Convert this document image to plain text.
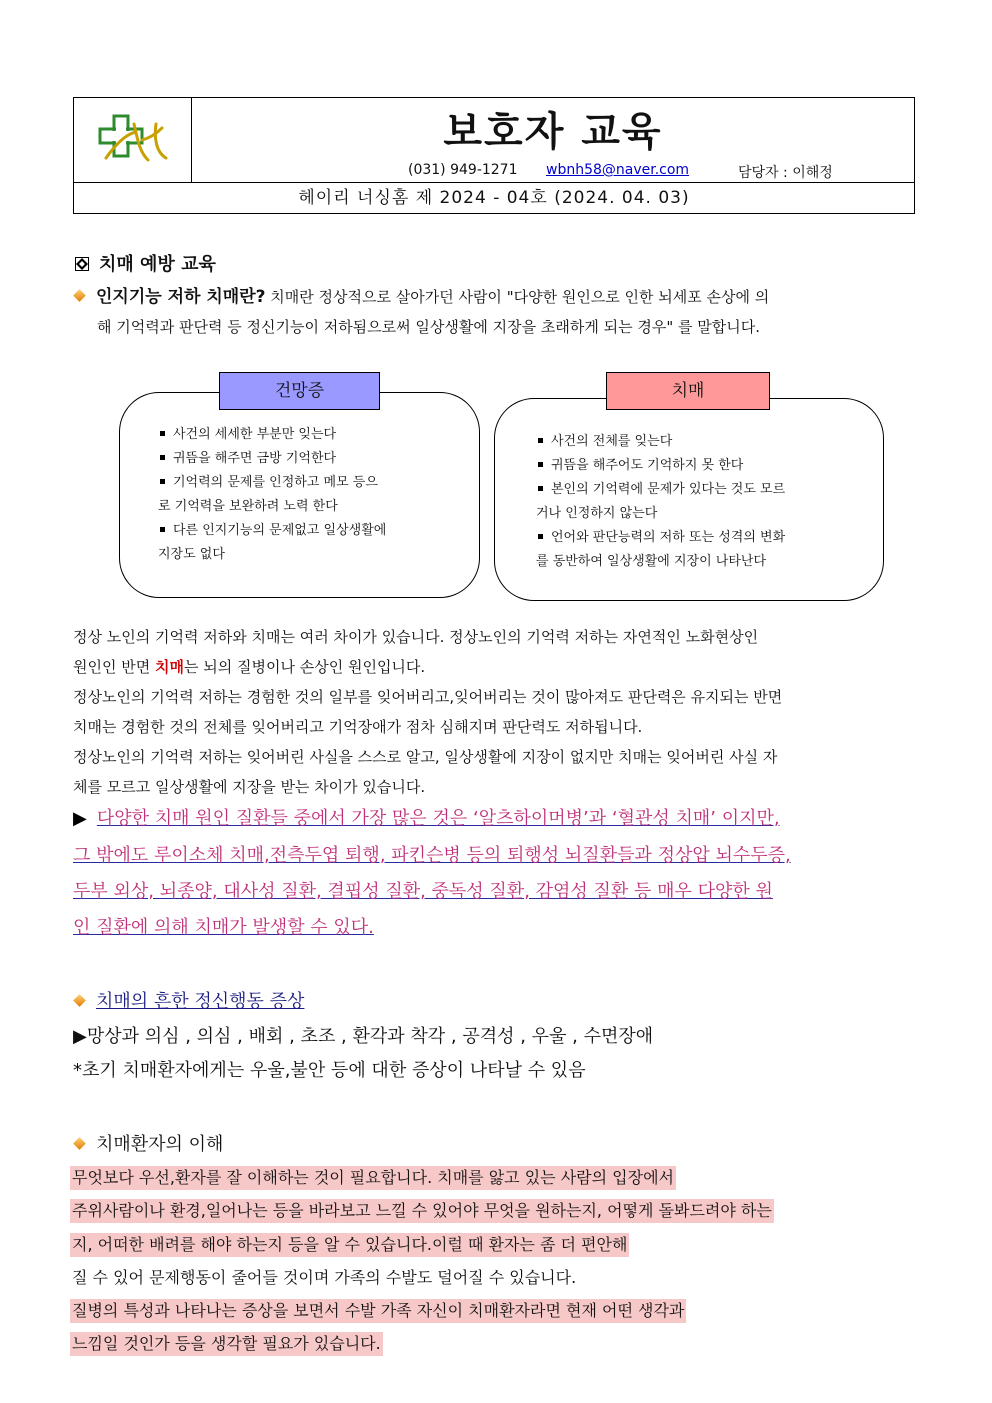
보호자 교육
(031) 949-1271 wbnh58@naver.com	담당자 : 이해정
헤이리 너싱홈 제 2024 - 04호 (2024. 04. 03)
치매 예방 교육
인지기능 저하 치매란? 치매란 정상적으로 살아가던 사람이 "다양한 원인으로 인한 뇌세포 손상에 의
해 기억력과 판단력 등 정신기능이 저하됨으로써 일상생활에 지장을 초래하게 되는 경우" 를 말합니다.
건망증
사건의 세세한 부분만 잊는다
귀뜸을 해주면 금방 기억한다
기억력의 문제를 인정하고 메모 등으
로 기억력을 보완하려 노력 한다
다른 인지기능의 문제없고 일상생활에
지장도 없다
치매
사건의 전체를 잊는다
귀뜸을 해주어도 기억하지 못 한다
본인의 기억력에 문제가 있다는 것도 모르
거나 인정하지 않는다
언어와 판단능력의 저하 또는 성격의 변화
를 동반하여 일상생활에 지장이 나타난다
정상 노인의 기억력 저하와 치매는 여러 차이가 있습니다. 정상노인의 기억력 저하는 자연적인 노화현상인
원인인 반면 치매는 뇌의 질병이나 손상인 원인입니다.
정상노인의 기억력 저하는 경험한 것의 일부를 잊어버리고,잊어버리는 것이 많아져도 판단력은 유지되는 반면
치매는 경험한 것의 전체를 잊어버리고 기억장애가 점차 심해지며 판단력도 저하됩니다.
정상노인의 기억력 저하는 잊어버린 사실을 스스로 알고, 일상생활에 지장이 없지만 치매는 잊어버린 사실 자
체를 모르고 일상생활에 지장을 받는 차이가 있습니다.
▶ 다양한 치매 원인 질환들 중에서 가장 많은 것은 ‘알츠하이머병’과 ‘혈관성 치매’ 이지만,
그 밖에도 루이소체 치매,전측두엽 퇴행, 파킨슨병 등의 퇴행성 뇌질환들과 정상압 뇌수두증,
두부 외상, 뇌종양, 대사성 질환, 결핍성 질환, 중독성 질환, 감염성 질환 등 매우 다양한 원
인 질환에 의해 치매가 발생할 수 있다.
치매의 흔한 정신행동 증상
▶망상과 의심 , 의심 , 배회 , 초조 , 환각과 착각 , 공격성 , 우울 , 수면장애
*초기 치매환자에게는 우울,불안 등에 대한 증상이 나타날 수 있음
치매환자의 이해
무엇보다 우선,환자를 잘 이해하는 것이 필요합니다. 치매를 앓고 있는 사람의 입장에서
주위사람이나 환경,일어나는 등을 바라보고 느낄 수 있어야 무엇을 원하는지, 어떻게 돌봐드려야 하는
지, 어떠한 배려를 해야 하는지 등을 알 수 있습니다.이럴 때 환자는 좀 더 편안해
질 수 있어 문제행동이 줄어들 것이며 가족의 수발도 덜어질 수 있습니다.
질병의 특성과 나타나는 증상을 보면서 수발 가족 자신이 치매환자라면 현재 어떤 생각과
느낌일 것인가 등을 생각할 필요가 있습니다.
